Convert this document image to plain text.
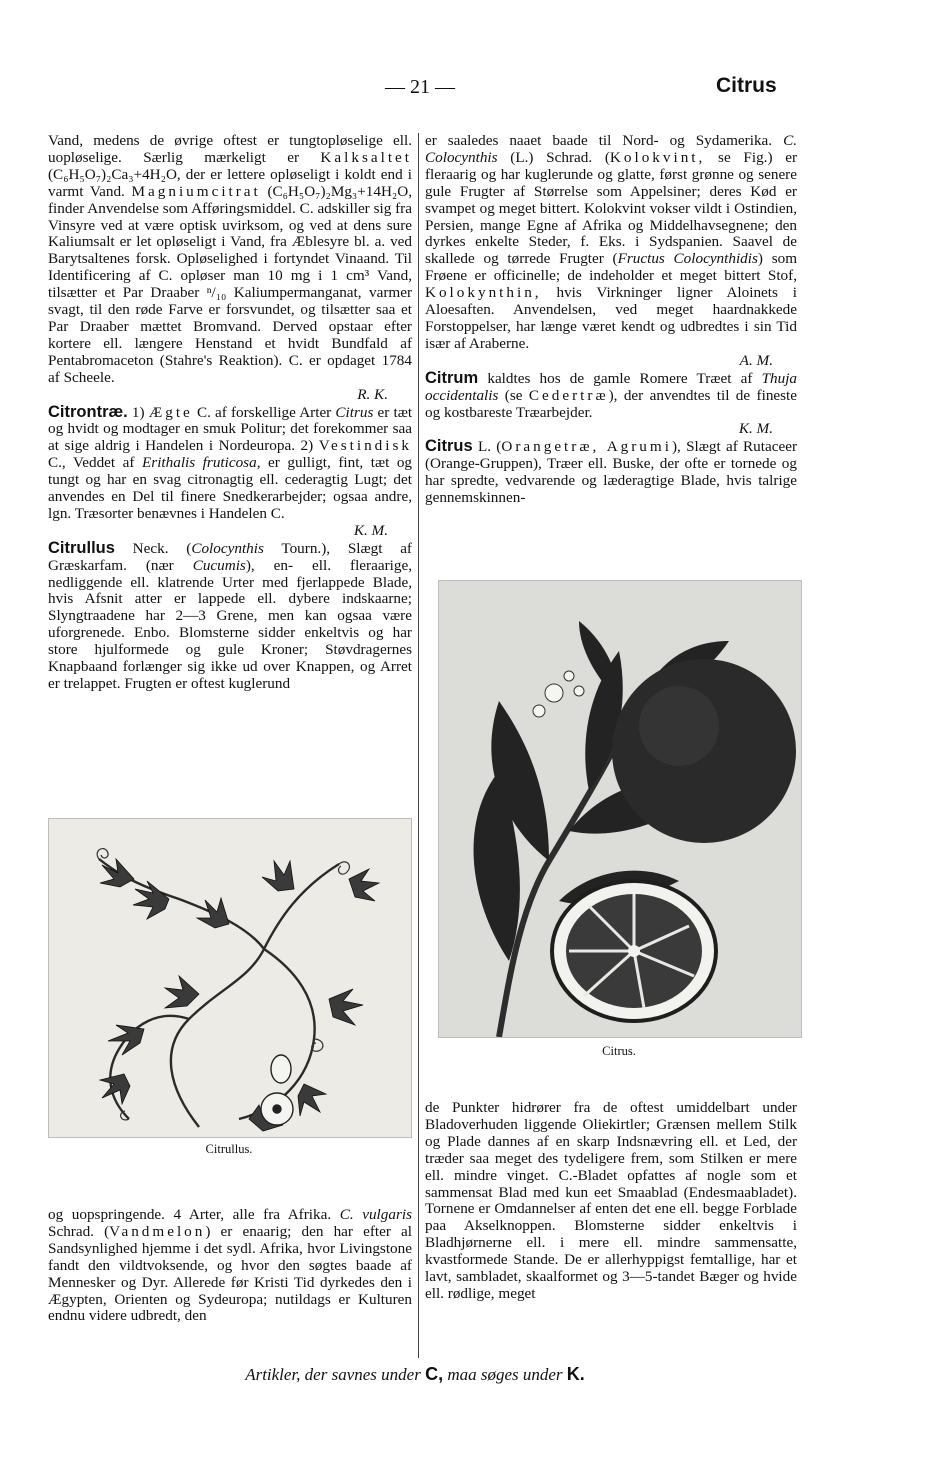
— 21 —	Citrus

Vand, medens de øvrige oftest er tungtopløselige ell. uopløselige. Særlig mærkeligt er Kalksaltet (C₆H₅O₇)₂Ca₃+4H₂O, der er lettere opløseligt i koldt end i varmt Vand. Magniumcitrat (C₆H₅O₇)₂Mg₃+14H₂O, finder Anvendelse som Afføringsmiddel. C. adskiller sig fra Vinsyre ved at være optisk uvirksom, og ved at dens sure Kaliumsalt er let opløseligt i Vand, fra Æblesyre bl. a. ved Barytsaltenes forsk. Opløselighed i fortyndet Vinaand. Til Identificering af C. opløser man 10 mg i 1 cm³ Vand, tilsætter et Par Draaber ⁿ/₁₀ Kaliumpermanganat, varmer svagt, til den røde Farve er forsvundet, og tilsætter saa et Par Draaber mættet Bromvand. Derved opstaar efter kortere ell. længere Henstand et hvidt Bundfald af Pentabromaceton (Stahre's Reaktion). C. er opdaget 1784 af Scheele.
R. K.

Citrontræ. 1) Ægte C. af forskellige Arter Citrus er tæt og hvidt og modtager en smuk Politur; det forekommer saa at sige aldrig i Handelen i Nordeuropa. 2) Vestindisk C., Veddet af Erithalis fruticosa, er gulligt, fint, tæt og tungt og har en svag citronagtig ell. cederagtig Lugt; det anvendes en Del til finere Snedkerarbejder; ogsaa andre, lgn. Træsorter benævnes i Handelen C.
K. M.

Citrullus Neck. (Colocynthis Tourn.), Slægt af Græskarfam. (nær Cucumis), en- ell. fleraarige, nedliggende ell. klatrende Urter med fjerlappede Blade, hvis Afsnit atter er lappede ell. dybere indskaarne; Slyngtraadene har 2—3 Grene, men kan ogsaa være uforgrenede. Enbo. Blomsterne sidder enkeltvis og har store hjulformede og gule Kroner; Støvdragernes Knapbaand forlænger sig ikke ud over Knappen, og Arret er trelappet. Frugten er oftest kuglerund

Citrullus.
og uopspringende. 4 Arter, alle fra Afrika. C. vulgaris Schrad. (Vandmelon) er enaarig; den har efter al Sandsynlighed hjemme i det sydl. Afrika, hvor Livingstone fandt den vildtvoksende, og hvor den søgtes baade af Mennesker og Dyr. Allerede før Kristi Tid dyrkedes den i Ægypten, Orienten og Sydeuropa; nutildags er Kulturen endnu videre udbredt, den

er saaledes naaet baade til Nord- og Sydamerika. C. Colocynthis (L.) Schrad. (Kolokvint, se Fig.) er fleraarig og har kuglerunde og glatte, først grønne og senere gule Frugter af Størrelse som Appelsiner; deres Kød er svampet og meget bittert. Kolokvint vokser vildt i Ostindien, Persien, mange Egne af Afrika og Middelhavsegnene; den dyrkes enkelte Steder, f. Eks. i Sydspanien. Saavel de skallede og tørrede Frugter (Fructus Colocynthidis) som Frøene er officinelle; de indeholder et meget bittert Stof, Kolokynthin, hvis Virkninger ligner Aloinets i Aloesaften. Anvendelsen, ved meget haardnakkede Forstoppelser, har længe været kendt og udbredtes i sin Tid især af Araberne.
A. M.

Citrum kaldtes hos de gamle Romere Træet af Thuja occidentalis (se Cedertræ), der anvendtes til de fineste og kostbareste Træarbejder.
K. M.

Citrus L. (Orangetræ, Agrumi), Slægt af Rutaceer (Orange-Gruppen), Træer ell. Buske, der ofte er tornede og har spredte, vedvarende og læderagtige Blade, hvis talrige gennemskinnen-

Citrus.
de Punkter hidrører fra de oftest umiddelbart under Bladoverhuden liggende Oliekirtler; Grænsen mellem Stilk og Plade dannes af en skarp Indsnævring ell. et Led, der træder saa meget des tydeligere frem, som Stilken er mere ell. mindre vinget. C.-Bladet opfattes af nogle som et sammensat Blad med kun eet Smaablad (Endesmaabladet). Tornene er Omdannelser af enten det ene ell. begge Forblade paa Akselknoppen. Blomsterne sidder enkeltvis i Bladhjørnerne ell. i mere ell. mindre sammensatte, kvastformede Stande. De er allerhyppigst femtallige, har et lavt, sambladet, skaalformet og 3—5-tandet Bæger og hvide ell. rødlige, meget
Artikler, der savnes under C, maa søges under K.
